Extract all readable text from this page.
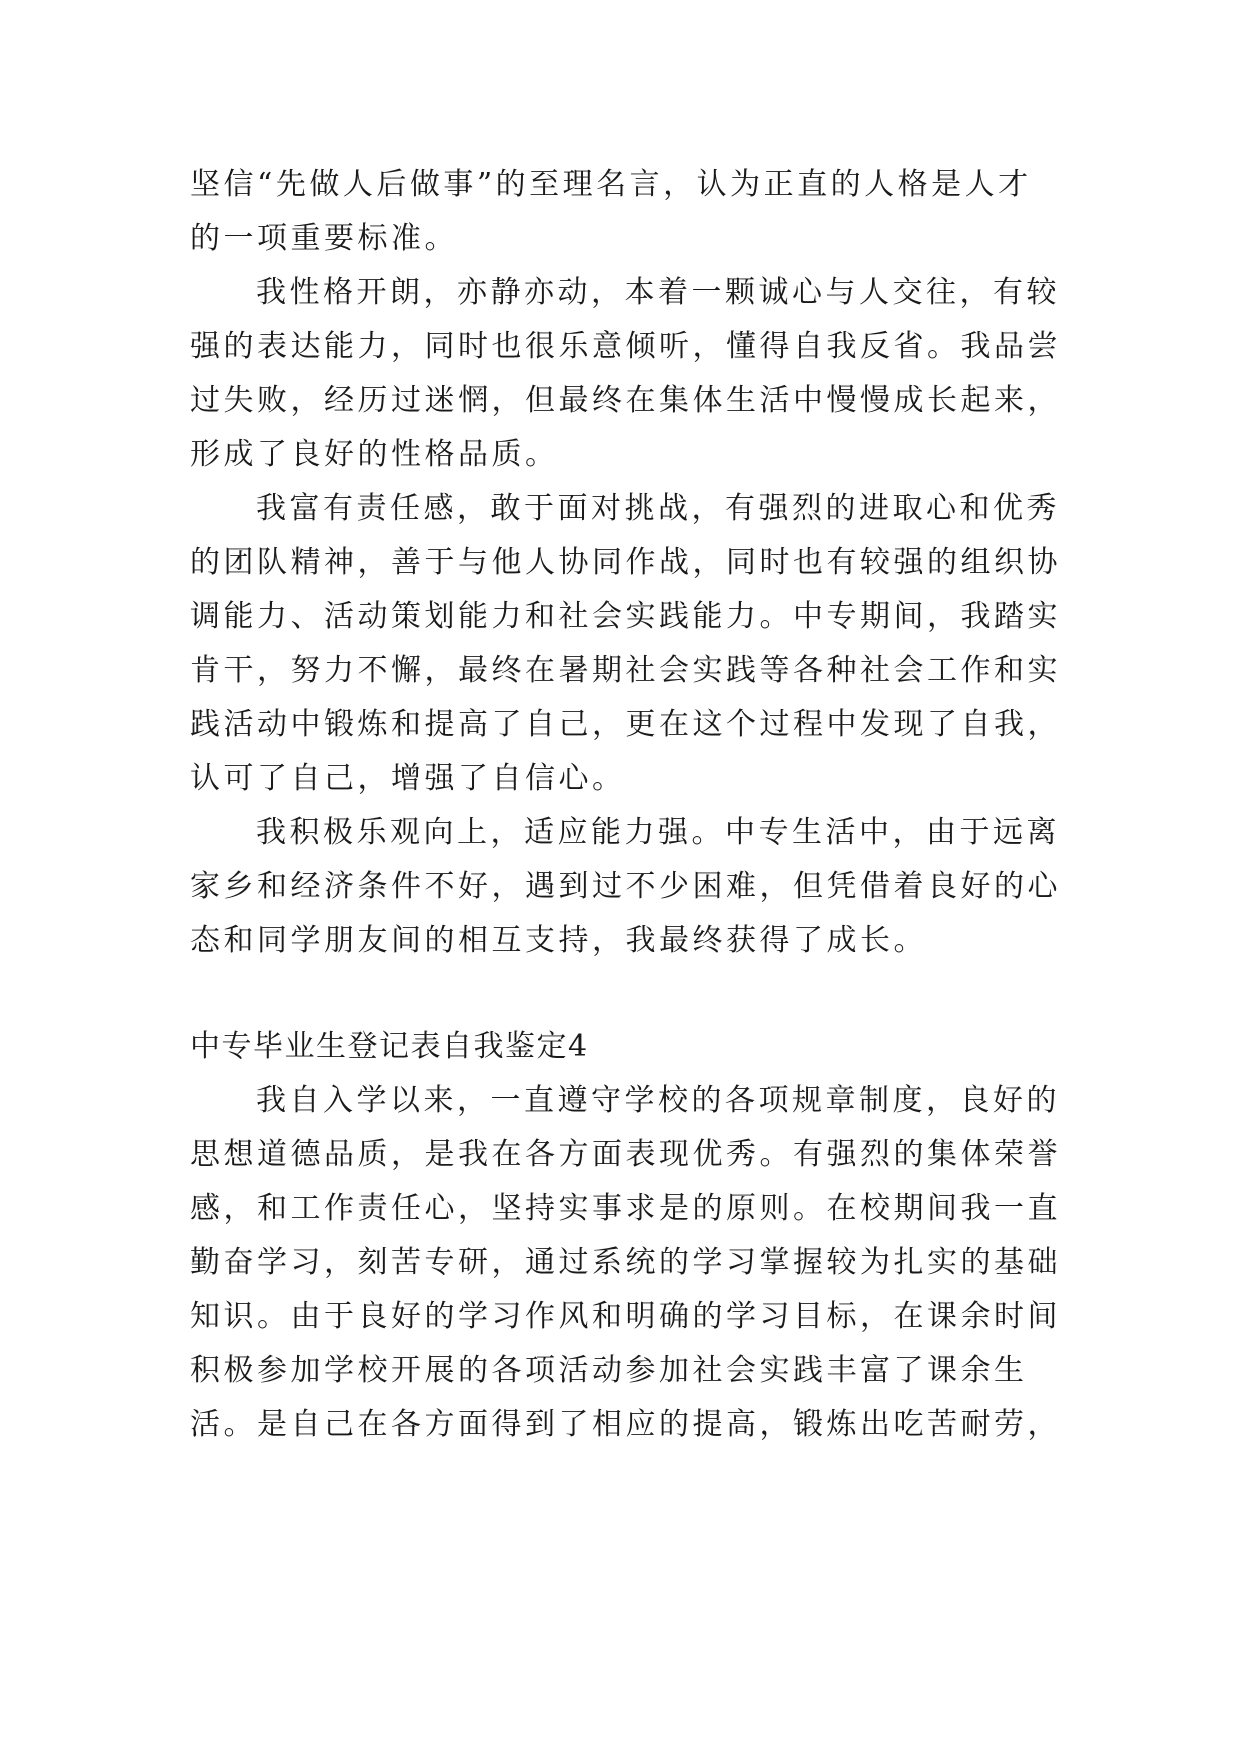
坚信“先做人后做事”的至理名言，认为正直的人格是人才
的一项重要标准。
我性格开朗，亦静亦动，本着一颗诚心与人交往，有较
强的表达能力，同时也很乐意倾听，懂得自我反省。我品尝
过失败，经历过迷惘，但最终在集体生活中慢慢成长起来，
形成了良好的性格品质。
我富有责任感，敢于面对挑战，有强烈的进取心和优秀
的团队精神，善于与他人协同作战，同时也有较强的组织协
调能力、活动策划能力和社会实践能力。中专期间，我踏实
肯干，努力不懈，最终在暑期社会实践等各种社会工作和实
践活动中锻炼和提高了自己，更在这个过程中发现了自我，
认可了自己，增强了自信心。
我积极乐观向上，适应能力强。中专生活中，由于远离
家乡和经济条件不好，遇到过不少困难，但凭借着良好的心
态和同学朋友间的相互支持，我最终获得了成长。
中专毕业生登记表自我鉴定4
我自入学以来，一直遵守学校的各项规章制度，良好的
思想道德品质，是我在各方面表现优秀。有强烈的集体荣誉
感，和工作责任心，坚持实事求是的原则。在校期间我一直
勤奋学习，刻苦专研，通过系统的学习掌握较为扎实的基础
知识。由于良好的学习作风和明确的学习目标，在课余时间
积极参加学校开展的各项活动参加社会实践丰富了课余生
活。是自己在各方面得到了相应的提高，锻炼出吃苦耐劳，
